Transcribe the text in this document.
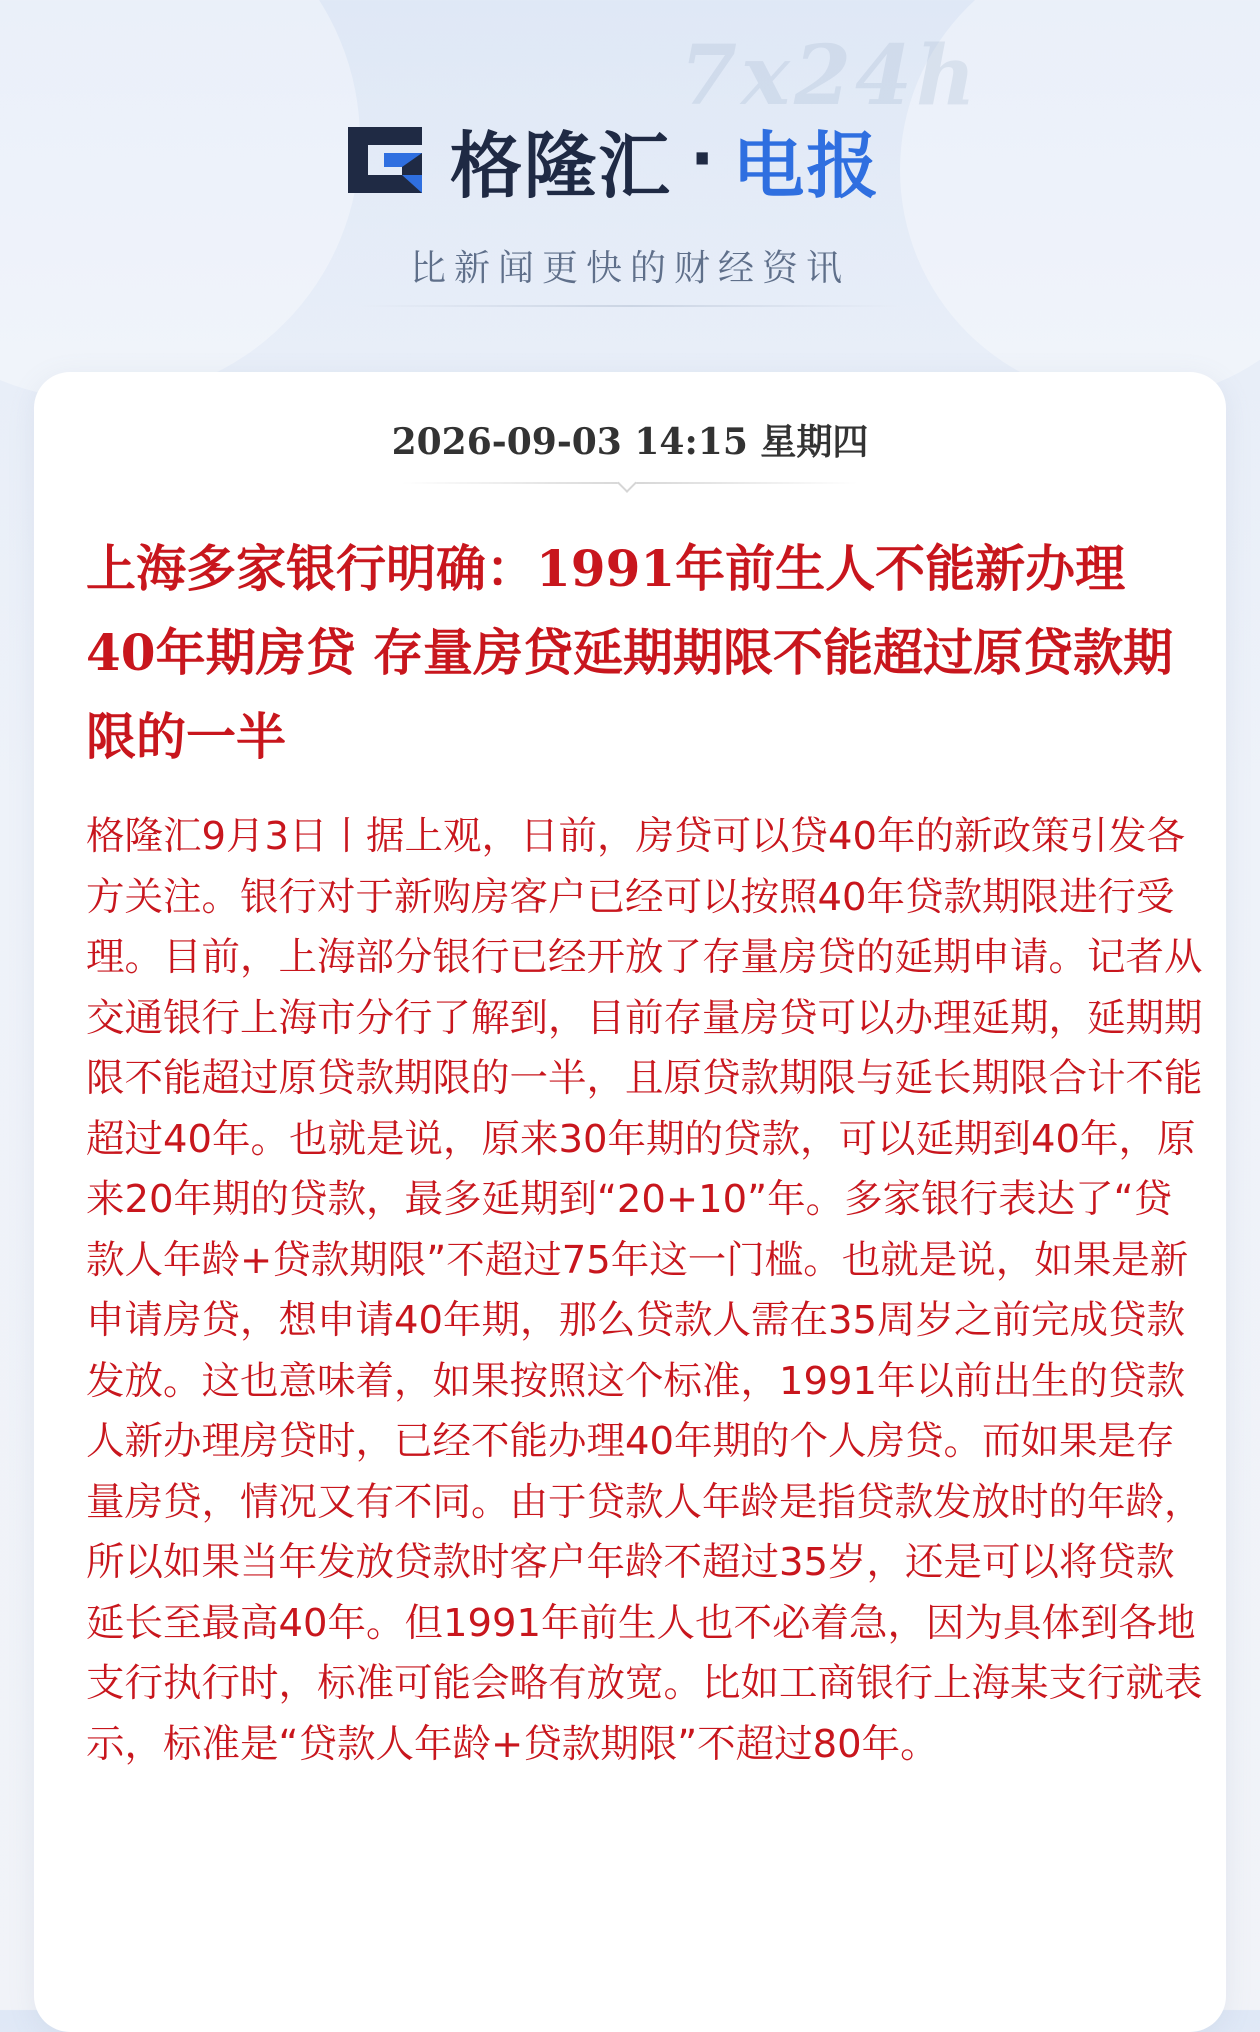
7x24h
格隆汇 · 电报
比新闻更快的财经资讯
2026-09-03 14:15 星期四
上海多家银行明确：1991年前生人不能新办理40年期房贷 存量房贷延期期限不能超过原贷款期限的一半

格隆汇9月3日丨据上观，日前，房贷可以贷40年的新政策引发各方关注。银行对于新购房客户已经可以按照40年贷款期限进行受理。目前，上海部分银行已经开放了存量房贷的延期申请。记者从交通银行上海市分行了解到，目前存量房贷可以办理延期，延期期限不能超过原贷款期限的一半，且原贷款期限与延长期限合计不能超过40年。也就是说，原来30年期的贷款，可以延期到40年，原来20年期的贷款，最多延期到“20+10”年。多家银行表达了“贷款人年龄+贷款期限”不超过75年这一门槛。也就是说，如果是新申请房贷，想申请40年期，那么贷款人需在35周岁之前完成贷款发放。这也意味着，如果按照这个标准，1991年以前出生的贷款人新办理房贷时，已经不能办理40年期的个人房贷。而如果是存量房贷，情况又有不同。由于贷款人年龄是指贷款发放时的年龄，所以如果当年发放贷款时客户年龄不超过35岁，还是可以将贷款延长至最高40年。但1991年前生人也不必着急，因为具体到各地支行执行时，标准可能会略有放宽。比如工商银行上海某支行就表示，标准是“贷款人年龄+贷款期限”不超过80年。
